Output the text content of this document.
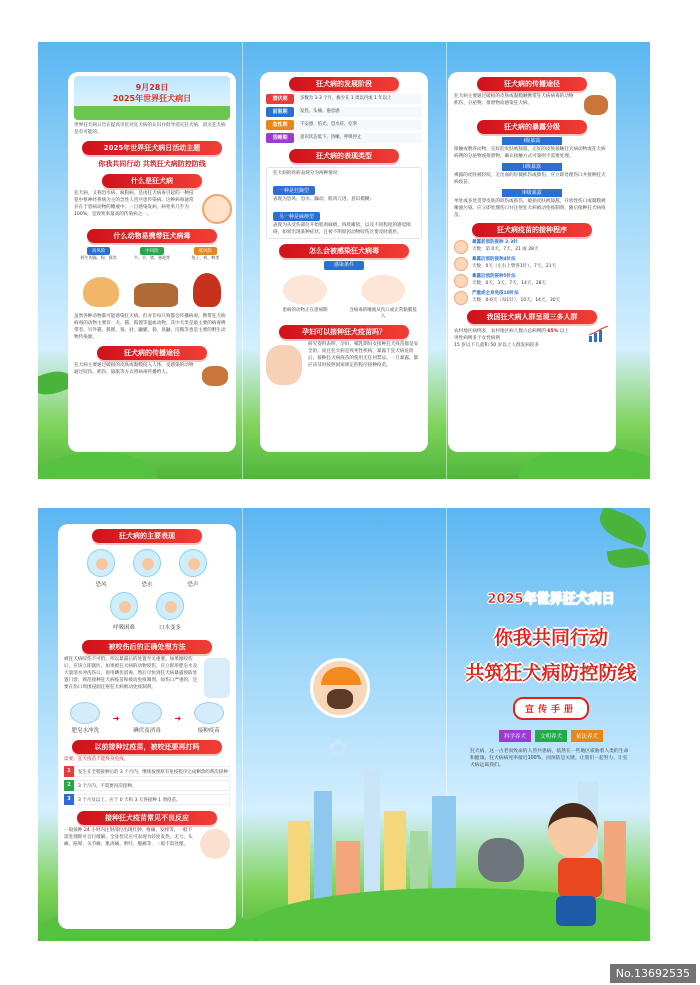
9月28日
2025年世界狂犬病日
世界狂犬病日旨在提高市民对狂犬病的认识并倡导消灭狂犬病，消灭狂犬病是有可能的。
2025年世界狂犬病日活动主题
你我共同行动 共筑狂犬病防控防线
什么是狂犬病
狂犬病，又称恐水病、疯狗病，是由狂犬病毒引起的一种侵犯中枢神经系统为主的急性人兽共患传染病。这种病毒通常存在于患病动物的唾液中。一旦感染发病，病死率几乎为 100%，是致死率最高的传染病之一。
什么动物易携带狂犬病毒
高风险
野生的猫、狗、狐等
中风险
牛、羊、猪、骆驼等
低风险
兔子、鸡、鸭等
虽然各种动物都可能感染狂犬病，但并非每只狗都会传播病毒。携带狂犬病病毒的动物主要有：犬、猫、狐狸等温血动物，其中犬类是最主要的病毒携带者，另外猫、狐狸、狼、豺、鼬獾、貉、臭鼬、浣熊等也是主要的野生动物传染源。
狂犬病的传播途径
狂犬病主要通过破损的皮肤或黏膜侵入人体，受感染的动物通过咬伤、抓伤、舔舐等方式将病毒传播给人。
狂犬病的发展阶段
潜伏期	多数为 1-3 个月，极少在 1 周以内或 1 年以上
前驱期	发热、头痛、倦怠感
急性期	不安感、怕光、恐水症、痉挛
昏睡期	意识状态低下、昏睡、呼吸停止
狂犬病的表现类型
狂犬病的疾病表现分为两种情况：
一种是狂躁型
表现为恐风、恐水、躁动、肌肉亢进、意识模糊；
另一种是麻痹型
表现为从受伤部位开始肌肉麻痹，四肢瘫软，以及不同程度的感觉障碍。如果出现某种症状，且被不明原因动物咬伤过要及时就医。
怎么会被感染狂犬病毒
感染条件
患病的动物正在患病期	含病毒的唾液从伤口或正常黏膜侵入
孕妇可以接种狂犬疫苗吗？
研究资料表明，孕妇、哺乳期妇女接种狂犬疫苗都是安全的。而且狂犬病是致死性疾病，暴露于狂犬病危险后，接种狂犬病疫苗的使用无任何禁忌。一旦暴露，都应该及时按照国家规定的程序接种疫苗。
狂犬病的传播途径
狂犬病主要通过破损的皮肤或黏膜触携带狂犬病病毒的动物抓伤、分泌物、排泄物而感染狂犬病。
狂犬病的暴露分级
I级暴露
接触或喂养动物，完好的皮肤被舔舐，完好的皮肤接触狂犬病动物或狂犬病病例的分泌物或排泄物，确认接触方式可靠则不需要处理。
II级暴露
裸露的皮肤被轻咬，无出血的轻微抓伤或擦伤，应立即处理伤口并接种狂犬病疫苗。
III级暴露
单处或多处贯穿皮肤的咬伤或抓伤，破损皮肤被舔舐，开放性伤口或黏膜被唾液污染。应立即处理伤口并注射狂犬病被动免疫制剂，随后接种狂犬病疫苗。
狂犬病疫苗的接种程序
暴露前预防接种 2-3针
天数：第 0天、7天、21 或 28天
暴露后预防接种4针法
天数：0天（左右上臂各1针）、7天、21天
暴露后预防接种5针法
天数：0天、3天、7天、14天、28天
严重或全身免疫10针法
天数：0-6天（每1针）、10天、14天、30天
我国狂犬病人群呈现三多人群
农村地区病例多，农村地区病人数占总病例的 65% 以上
男性病例多于女性病例
15 岁以下儿童和 50 岁以上人群发病较多
狂犬病的主要表现
恐风	恐水	恐声
呼吸困难	口水变多
被咬伤后的正确处理方法
被狂犬病咬伤不可怕，所以暴露后的处置至关重要。如果刚咬伤后，应该立即就医。如果被狂犬病的动物咬伤，应立即用肥皂水及大量清水冲洗伤口，再用碘伏消毒，然后尽快到狂犬病暴露预防处置门诊，规范接种狂犬病疫苗和被动免疫制剂，如伤口严重的，还要在伤口周围浸润注射狂犬病被动免疫制剂。
肥皂水冲洗
➜
碘伏及消毒
➜
接种疫苗
以前接种过疫苗，被咬还要再打吗
需要。狂犬疫苗不能终身免疫。
1	发生在全程接种后的 3 个月内，继续按照原有免疫程序完成剩余的剂次接种
2	3 个月内，不需要再次接种。
3	3 个月及以上，应于 0 天和 3 天各接种 1 剂疫苗。
接种狂犬疫苗常见不良反应
一般接种 24 小时内注射部位出现红肿、疼痛、发痒等，一般不需处理即可自行缓解，全身性反应可表现为轻度发热、无力、头痛、眩晕、关节痛、肌肉痛、呕吐、腹痛等，一般不需处理。
✿
2025年世界狂犬病日
你我共同行动
共筑狂犬病防控防线
宣传手册
科学养犬	文明养犬	依法养犬
狂犬病，这一古老而致命的人兽共患病，依然在一些地区威胁着人类的生命和健康。狂犬病病死率接近100%，而预防是关键。让我们一起努力，让狂犬病远离我们。
No.13692535
